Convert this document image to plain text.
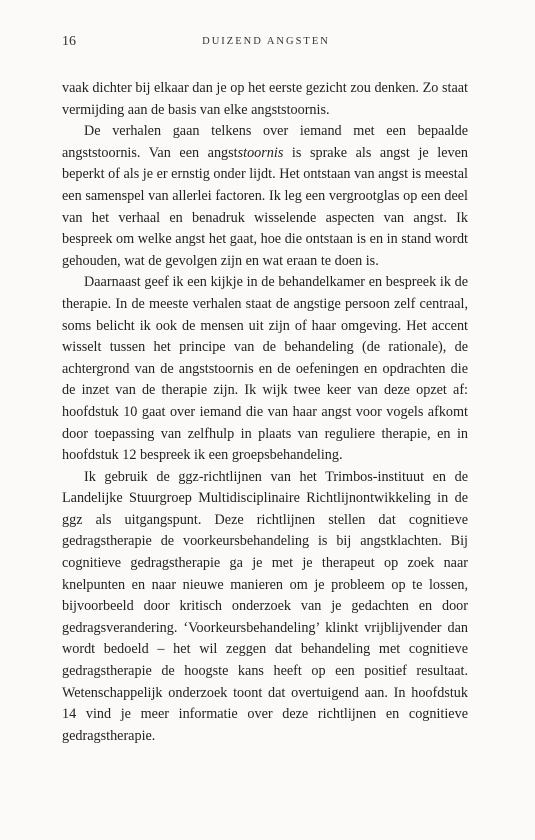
16	DUIZEND ANGSTEN

vaak dichter bij elkaar dan je op het eerste gezicht zou denken. Zo staat vermijding aan de basis van elke angststoornis.

De verhalen gaan telkens over iemand met een bepaalde angststoornis. Van een angststoornis is sprake als angst je leven beperkt of als je er ernstig onder lijdt. Het ontstaan van angst is meestal een samenspel van allerlei factoren. Ik leg een vergrootglas op een deel van het verhaal en benadruk wisselende aspecten van angst. Ik bespreek om welke angst het gaat, hoe die ontstaan is en in stand wordt gehouden, wat de gevolgen zijn en wat eraan te doen is.

Daarnaast geef ik een kijkje in de behandelkamer en bespreek ik de therapie. In de meeste verhalen staat de angstige persoon zelf centraal, soms belicht ik ook de mensen uit zijn of haar omgeving. Het accent wisselt tussen het principe van de behandeling (de rationale), de achtergrond van de angststoornis en de oefeningen en opdrachten die de inzet van de therapie zijn. Ik wijk twee keer van deze opzet af: hoofdstuk 10 gaat over iemand die van haar angst voor vogels afkomt door toepassing van zelfhulp in plaats van reguliere therapie, en in hoofdstuk 12 bespreek ik een groepsbehandeling.

Ik gebruik de ggz-richtlijnen van het Trimbos-instituut en de Landelijke Stuurgroep Multidisciplinaire Richtlijnontwikkeling in de ggz als uitgangspunt. Deze richtlijnen stellen dat cognitieve gedragstherapie de voorkeursbehandeling is bij angstklachten. Bij cognitieve gedragstherapie ga je met je therapeut op zoek naar knelpunten en naar nieuwe manieren om je probleem op te lossen, bijvoorbeeld door kritisch onderzoek van je gedachten en door gedragsverandering. ‘Voorkeursbehandeling’ klinkt vrijblijvender dan wordt bedoeld – het wil zeggen dat behandeling met cognitieve gedragstherapie de hoogste kans heeft op een positief resultaat. Wetenschappelijk onderzoek toont dat overtuigend aan. In hoofdstuk 14 vind je meer informatie over deze richtlijnen en cognitieve gedragstherapie.
